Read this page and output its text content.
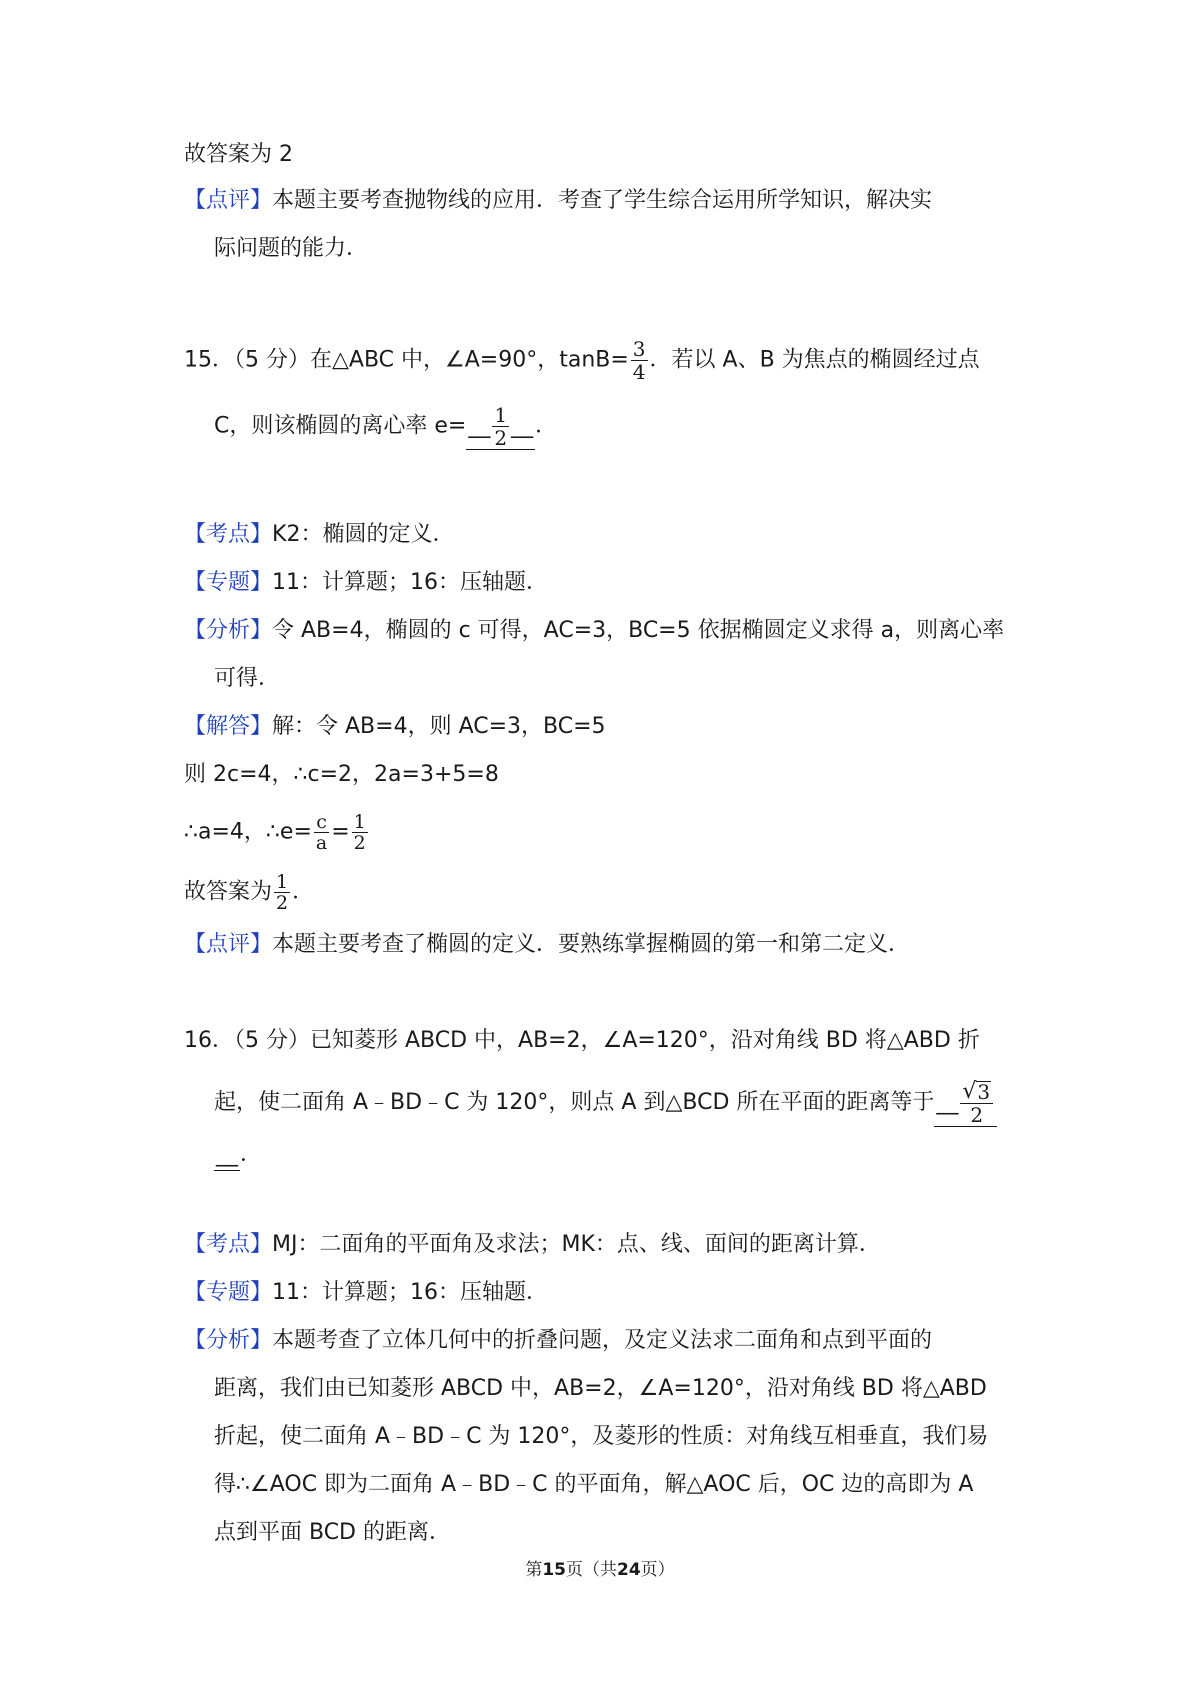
故答案为 2

【点评】本题主要考查抛物线的应用．考查了学生综合运用所学知识，解决实

际问题的能力．

15．（5 分）在△ABC 中，∠A=90°，$\tan B= \frac{3}{4}$ ．若以 A、B 为焦点的椭圆经过点

C，则该椭圆的离心率 e=__ $\frac{1}{2}$ __．

【考点】K2：椭圆的定义．

【专题】11：计算题；16：压轴题．

【分析】令 AB=4，椭圆的 c 可得，AC=3，BC=5 依据椭圆定义求得 a，则离心率

可得．

【解答】解：令 AB=4，则 AC=3，BC=5

则 2c=4，∴c=2，2a=3+5=8

∴a=4，∴e= $\frac{c}{a} = \frac{1}{2}$

故答案为 $\frac{1}{2}$ ．

【点评】本题主要考查了椭圆的定义．要熟练掌握椭圆的第一和第二定义．

16．（5 分）已知菱形 ABCD 中，AB=2，∠A=120°，沿对角线 BD 将△ABD 折

起，使二面角 A﹣BD﹣C 为 120°，则点 A 到△BCD 所在平面的距离等于__ $\frac{√ 3}{2}$

__．

【考点】MJ：二面角的平面角及求法；MK：点、线、面间的距离计算．

【专题】11：计算题；16：压轴题．

【分析】本题考查了立体几何中的折叠问题，及定义法求二面角和点到平面的

距离，我们由已知菱形 ABCD 中，AB=2，∠A=120°，沿对角线 BD 将△ABD

折起，使二面角 A﹣BD﹣C 为 120°，及菱形的性质：对角线互相垂直，我们易

得∴∠AOC 即为二面角 A﹣BD﹣C 的平面角，解△AOC 后，OC 边的高即为 A

点到平面 BCD 的距离．

第15页（共24页）
